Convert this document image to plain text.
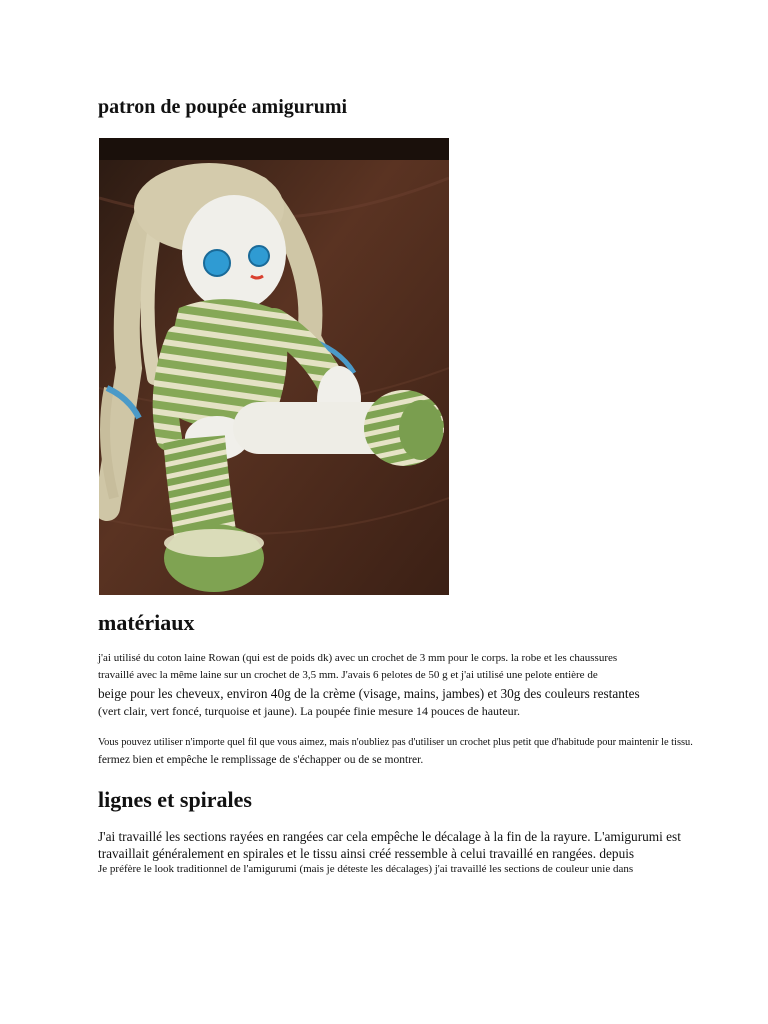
patron de poupée amigurumi
matériaux

j'ai utilisé du coton laine Rowan (qui est de poids dk) avec un crochet de 3 mm pour le corps. la robe et les chaussures

travaillé avec la même laine sur un crochet de 3,5 mm. J'avais 6 pelotes de 50 g et j'ai utilisé une pelote entière de

beige pour les cheveux, environ 40g de la crème (visage, mains, jambes) et 30g des couleurs restantes

(vert clair, vert foncé, turquoise et jaune). La poupée finie mesure 14 pouces de hauteur.

Vous pouvez utiliser n'importe quel fil que vous aimez, mais n'oubliez pas d'utiliser un crochet plus petit que d'habitude pour maintenir le tissu.

fermez bien et empêche le remplissage de s'échapper ou de se montrer.

lignes et spirales

J'ai travaillé les sections rayées en rangées car cela empêche le décalage à la fin de la rayure. L'amigurumi est

travaillait généralement en spirales et le tissu ainsi créé ressemble à celui travaillé en rangées. depuis

Je préfère le look traditionnel de l'amigurumi (mais je déteste les décalages) j'ai travaillé les sections de couleur unie dans
